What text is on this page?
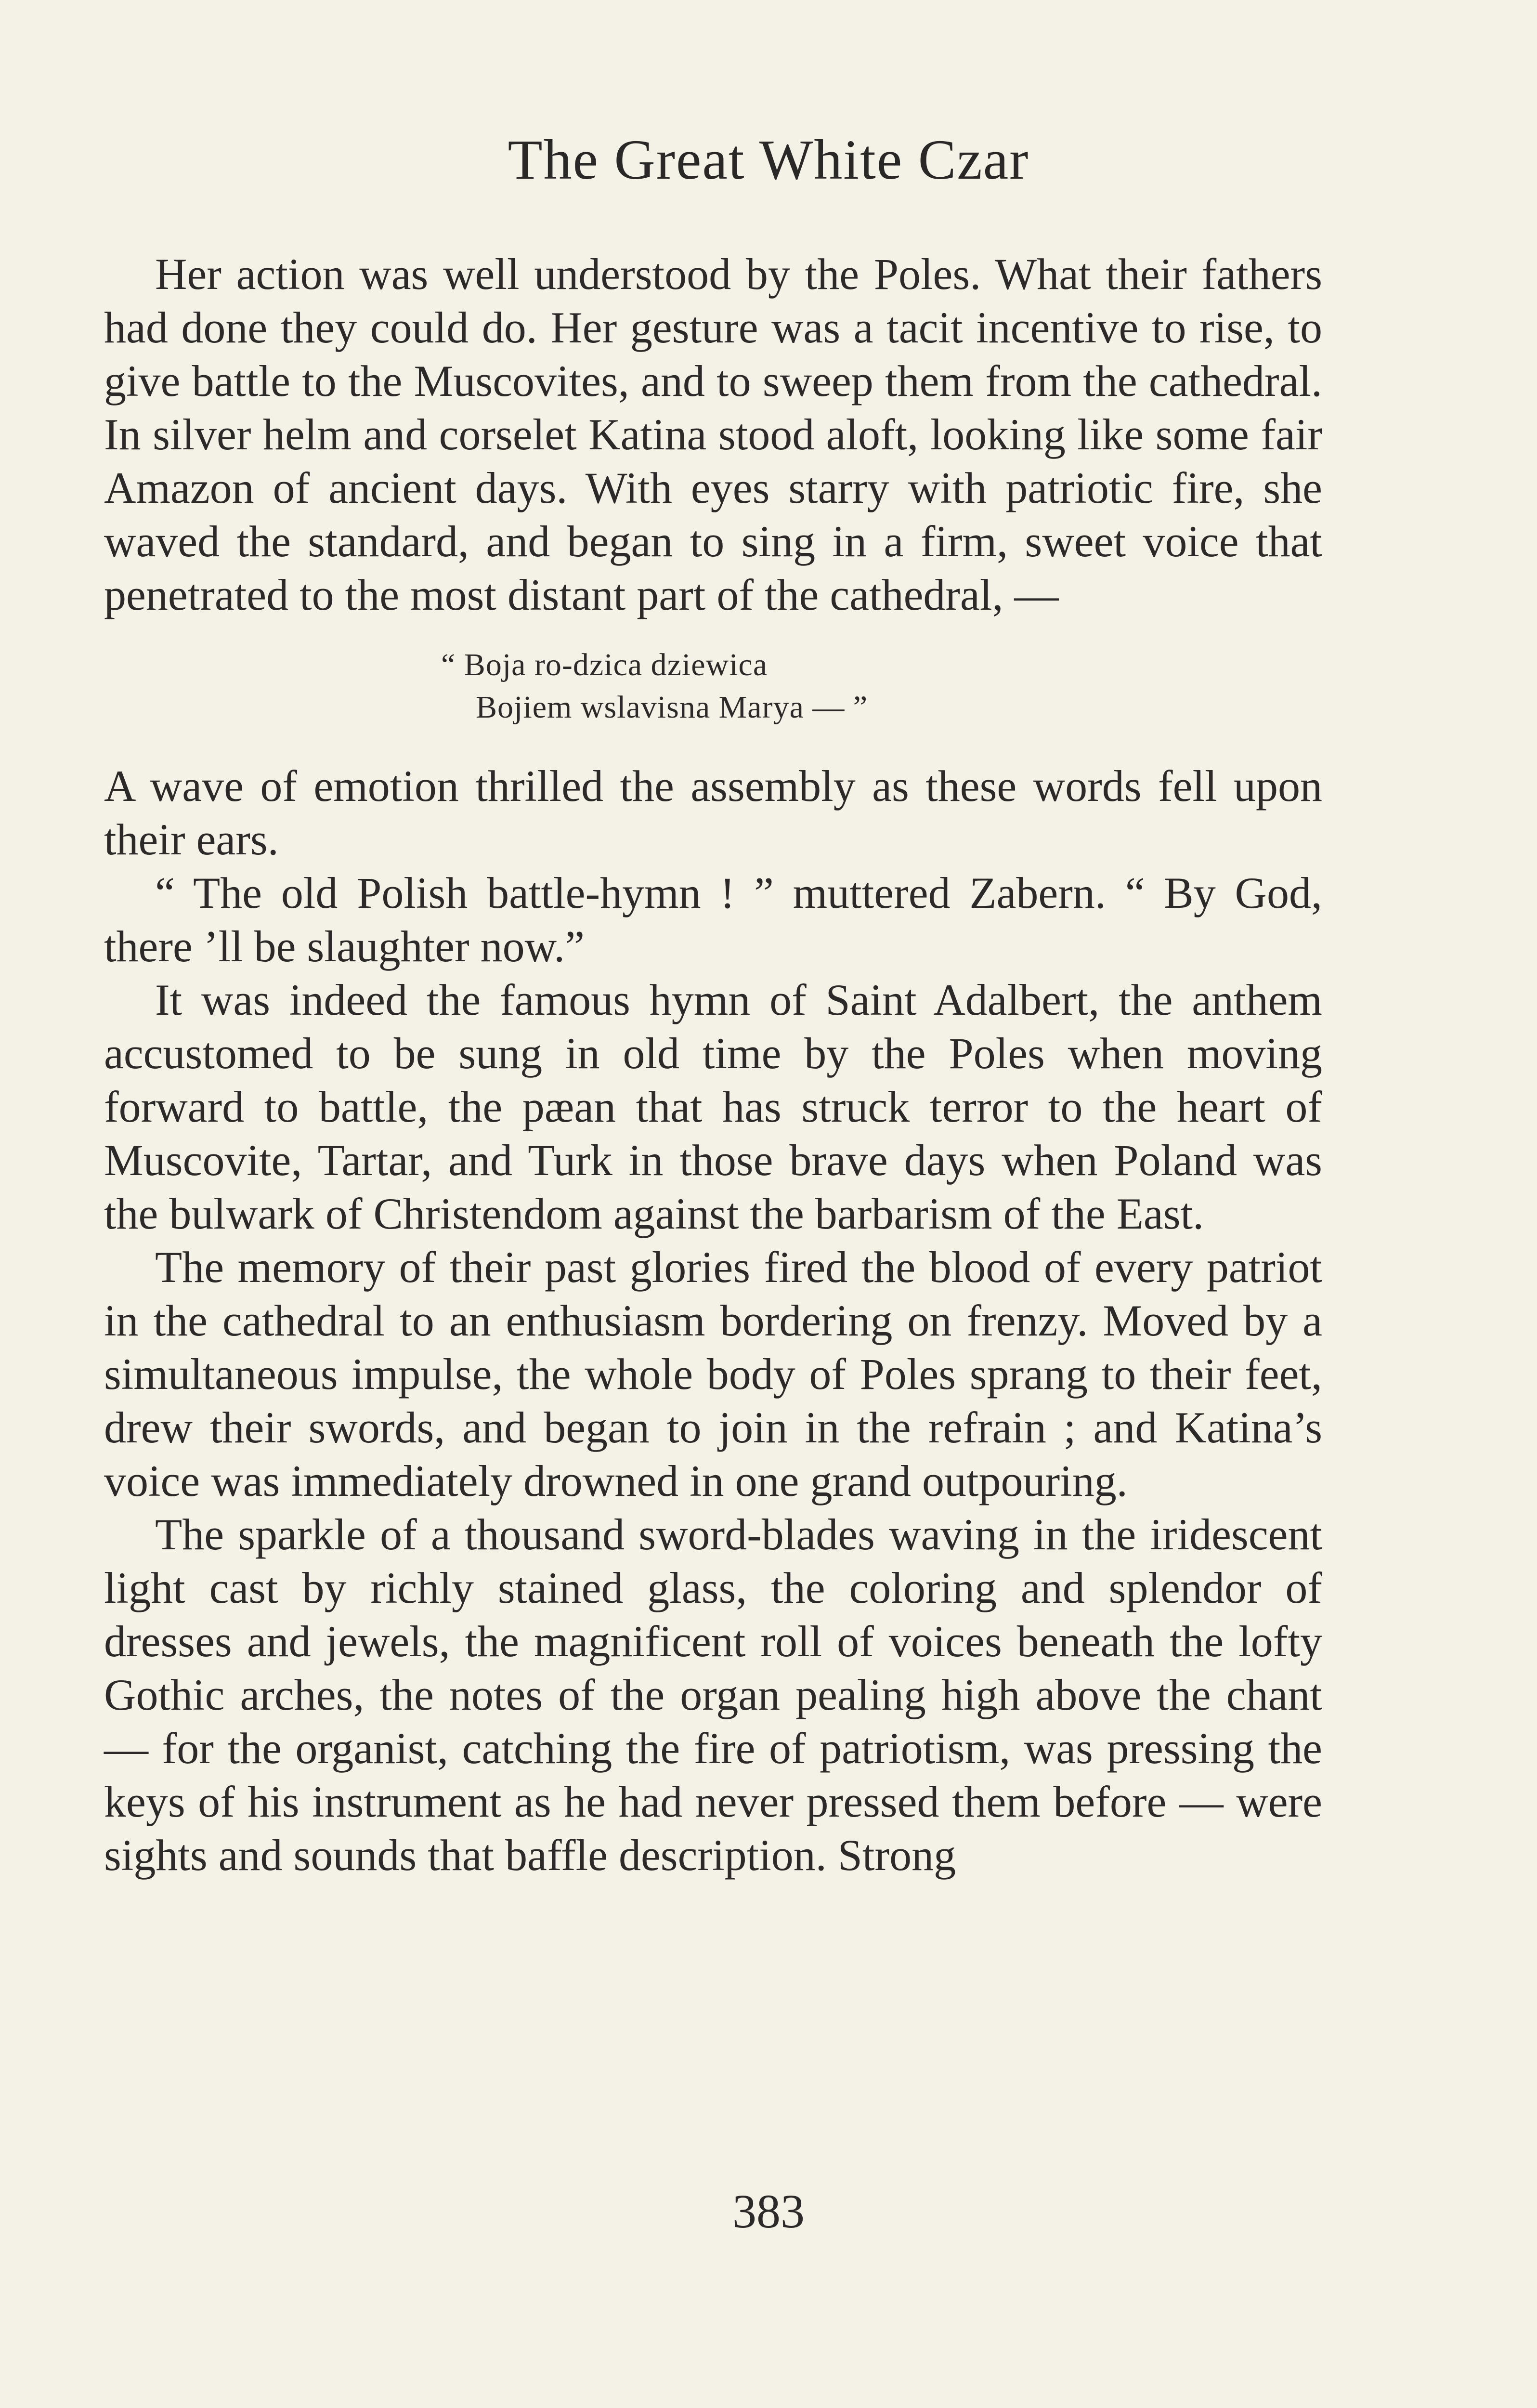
The Great White Czar

Her action was well understood by the Poles. What their fathers had done they could do. Her gesture was a tacit incentive to rise, to give battle to the Muscovites, and to sweep them from the cathedral. In silver helm and corselet Katina stood aloft, looking like some fair Amazon of ancient days. With eyes starry with patriotic fire, she waved the standard, and began to sing in a firm, sweet voice that penetrated to the most distant part of the cathedral, —

“ Boja ro-dzica dziewica
Bojiem wslavisna Marya — ”

A wave of emotion thrilled the assembly as these words fell upon their ears.

“ The old Polish battle-hymn ! ” muttered Zabern. “ By God, there ’ll be slaughter now.”

It was indeed the famous hymn of Saint Adalbert, the anthem accustomed to be sung in old time by the Poles when moving forward to battle, the pæan that has struck terror to the heart of Muscovite, Tartar, and Turk in those brave days when Poland was the bulwark of Christendom against the barbarism of the East.

The memory of their past glories fired the blood of every patriot in the cathedral to an enthusiasm bordering on frenzy. Moved by a simultaneous impulse, the whole body of Poles sprang to their feet, drew their swords, and began to join in the refrain ; and Katina’s voice was immediately drowned in one grand outpouring.

The sparkle of a thousand sword-blades waving in the iridescent light cast by richly stained glass, the coloring and splendor of dresses and jewels, the magnificent roll of voices beneath the lofty Gothic arches, the notes of the organ pealing high above the chant — for the organist, catching the fire of patriotism, was pressing the keys of his instrument as he had never pressed them before — were sights and sounds that baffle description. Strong

383
